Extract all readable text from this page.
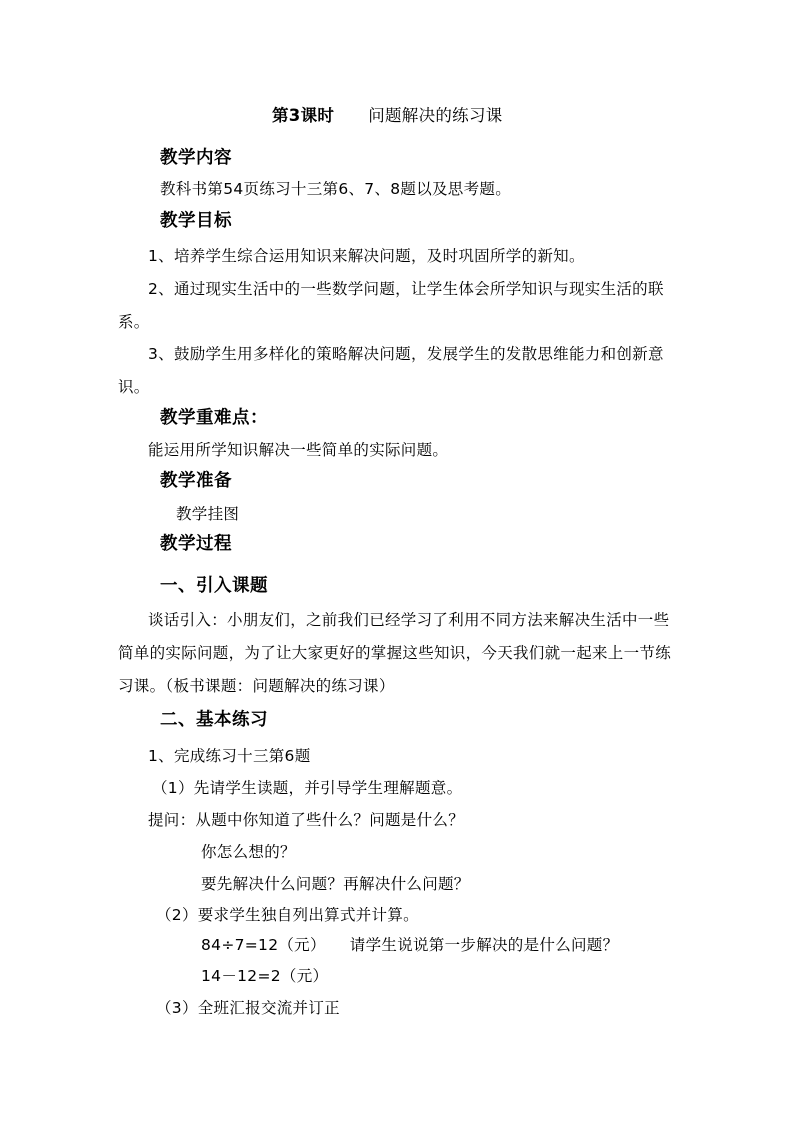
第3课时 问题解决的练习课
教学内容
教科书第54页练习十三第6、7、8题以及思考题。
教学目标
1、培养学生综合运用知识来解决问题，及时巩固所学的新知。
2、通过现实生活中的一些数学问题，让学生体会所学知识与现实生活的联
系。
3、鼓励学生用多样化的策略解决问题，发展学生的发散思维能力和创新意
识。
教学重难点：
能运用所学知识解决一些简单的实际问题。
教学准备
教学挂图
教学过程
一、引入课题
谈话引入：小朋友们，之前我们已经学习了利用不同方法来解决生活中一些
简单的实际问题，为了让大家更好的掌握这些知识，今天我们就一起来上一节练
习课。（板书课题：问题解决的练习课）
二、基本练习
1、完成练习十三第6题
（1）先请学生读题，并引导学生理解题意。
提问：从题中你知道了些什么？问题是什么？
你怎么想的？
要先解决什么问题？再解决什么问题？
（2）要求学生独自列出算式并计算。
84÷7=12（元） 请学生说说第一步解决的是什么问题？
14－12=2（元）
（3）全班汇报交流并订正
